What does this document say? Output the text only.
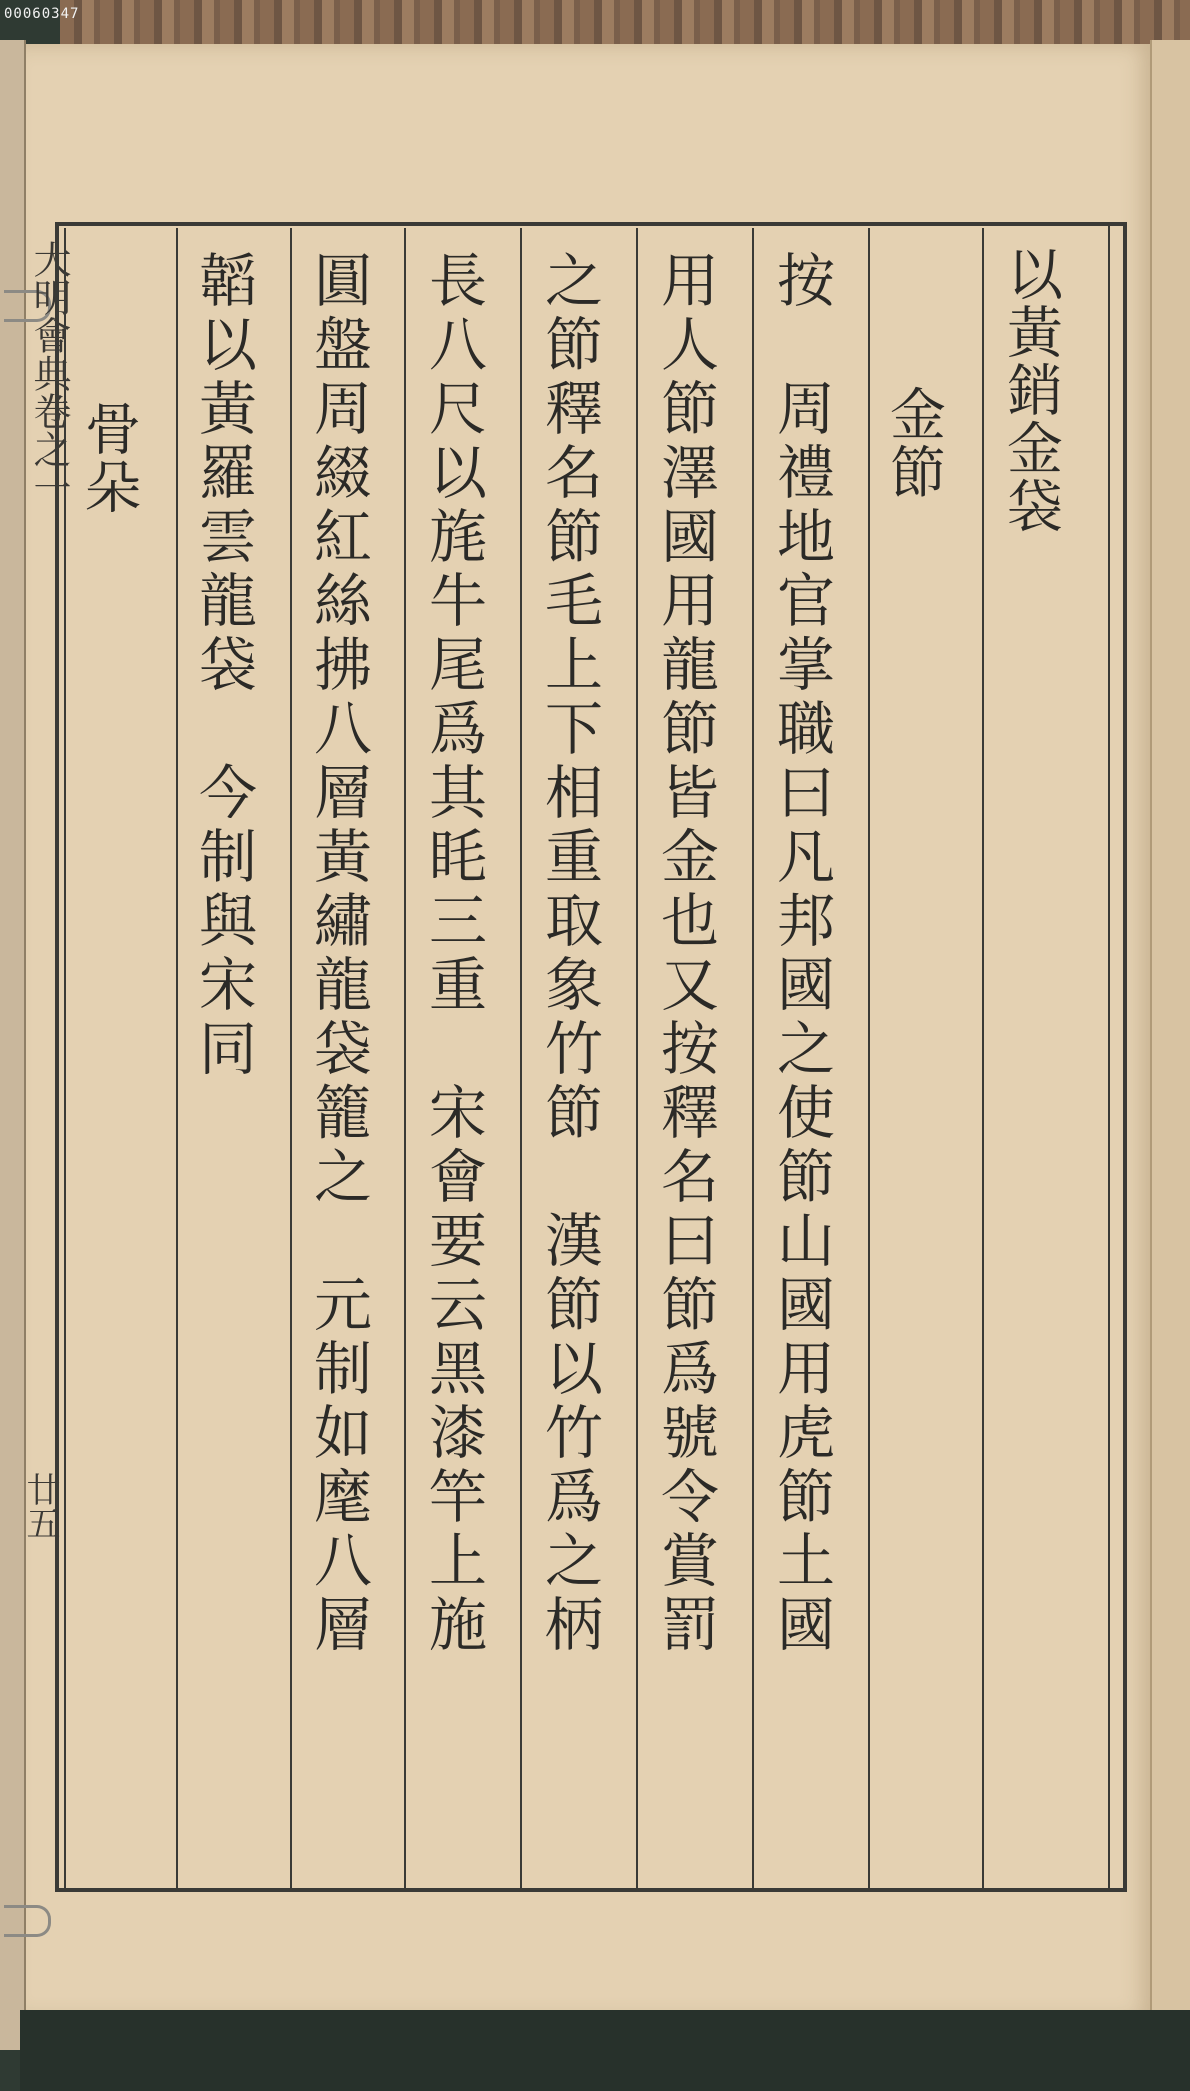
00060347
大明會典卷之一
廿五
以黃銷金袋
金節
按　周禮地官掌職曰凡邦國之使節山國用虎節土國
用人節澤國用龍節皆金也又按釋名曰節爲號令賞罰
之節釋名節毛上下相重取象竹節　漢節以竹爲之柄
長八尺以旄牛尾爲其眊三重　宋會要云黑漆竿上施
圓盤周綴紅絲拂八層黃繡龍袋籠之　元制如麾八層
韜以黃羅雲龍袋　今制與宋同
骨朵
